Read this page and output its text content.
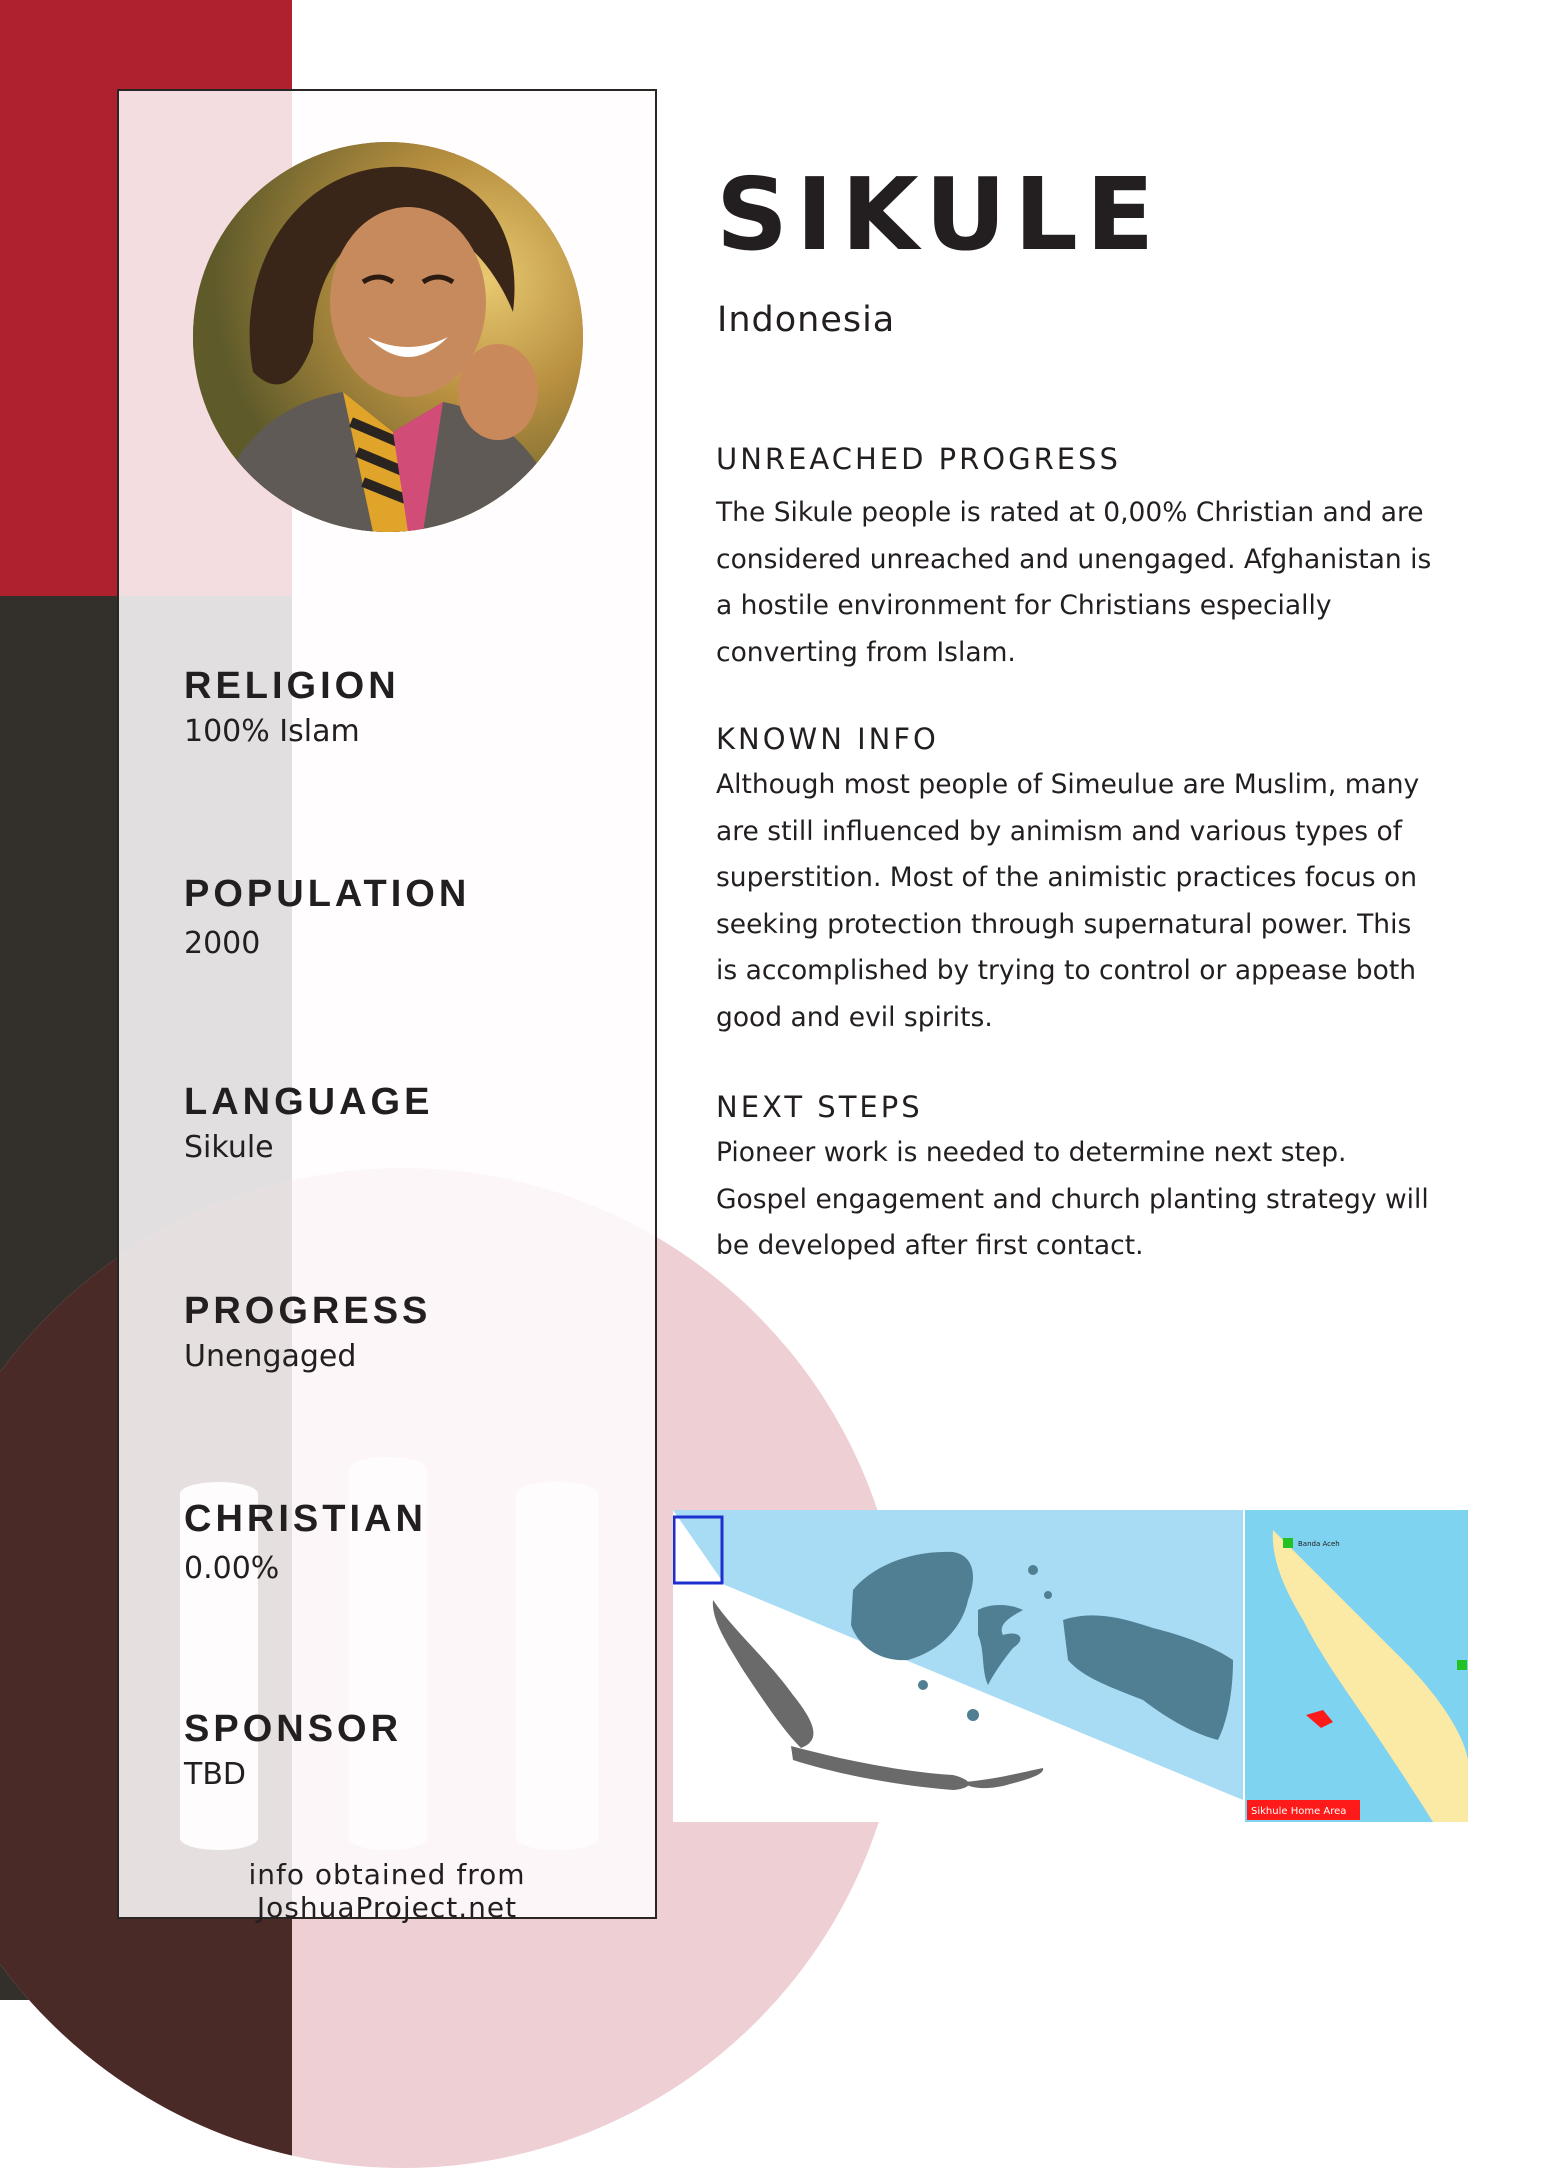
RELIGION

100% Islam

POPULATION

2000

LANGUAGE

Sikule

PROGRESS

Unengaged

CHRISTIAN

0.00%

SPONSOR

TBD

info obtained from JoshuaProject.net

SIKULE

Indonesia

UNREACHED PROGRESS

The Sikule people is rated at 0,00% Christian and are considered unreached and unengaged. Afghanistan is a hostile environment for Christians especially converting from Islam.

KNOWN INFO

Although most people of Simeulue are Muslim, many are still influenced by animism and various types of superstition. Most of the animistic practices focus on seeking protection through supernatural power. This is accomplished by trying to control or appease both good and evil spirits.

NEXT STEPS

Pioneer work is needed to determine next step. Gospel engagement and church planting strategy will be developed after first contact.

Banda Aceh
Sikhule Home Area
